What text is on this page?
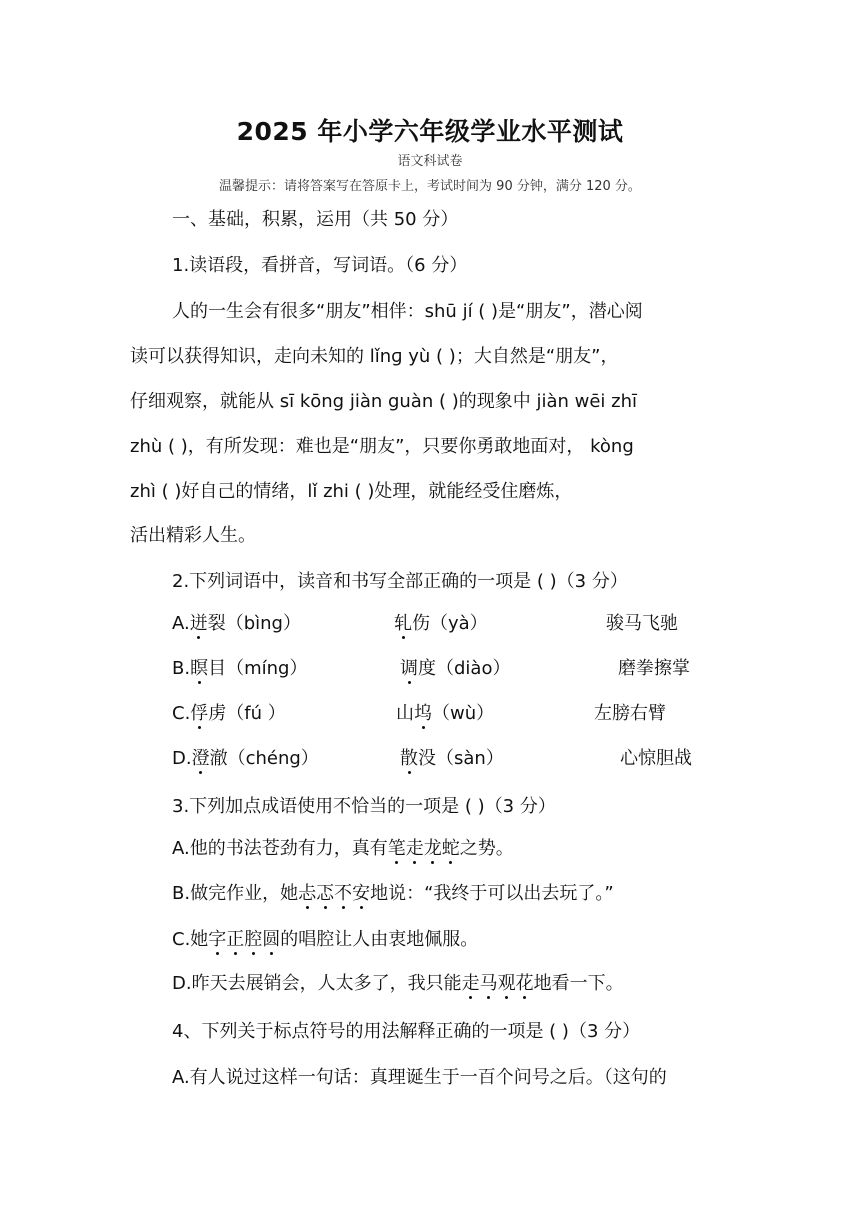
2025 年小学六年级学业水平测试
语文科试卷
温馨提示：请将答案写在答原卡上，考试时间为 90 分钟，满分 120 分。
一、基础，积累，运用（共 50 分）
1.读语段，看拼音，写词语。（6 分）
人的一生会有很多“朋友”相伴：shū jí ( )是“朋友”，潜心阅
读可以获得知识，走向未知的 lǐnɡ yù ( )；大自然是“朋友”，
仔细观察，就能从 sī kōng jiàn guàn ( )的现象中 jiàn wēi zhī
zhù ( )，有所发现：难也是“朋友”，只要你勇敢地面对， kòng
zhì ( )好自己的情绪，lǐ zhi ( )处理，就能经受住磨炼，
活出精彩人生。
2.下列词语中，读音和书写全部正确的一项是 ( )（3 分）
A.迸裂（bìng）	轧伤（yà）	骏马飞驰
B.瞑目（míng）	调度（diào）	磨拳擦掌
C.俘虏（fú ）	山坞（wù）	左膀右臂
D.澄澈（chéng）	散没（sàn）	心惊胆战
3.下列加点成语使用不恰当的一项是 ( )（3 分）
A.他的书法苍劲有力，真有笔走龙蛇之势。
B.做完作业，她忐忑不安地说：“我终于可以出去玩了。”
C.她字正腔圆的唱腔让人由衷地佩服。
D.昨天去展销会，人太多了，我只能走马观花地看一下。
4、下列关于标点符号的用法解释正确的一项是 ( )（3 分）
A.有人说过这样一句话：真理诞生于一百个问号之后。（这句的
